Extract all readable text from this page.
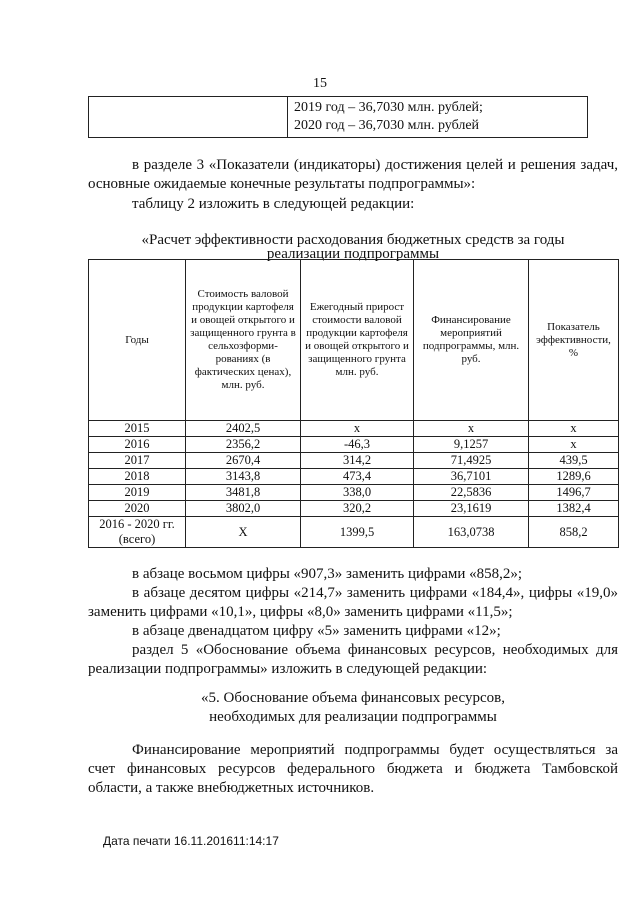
15

2019 год – 36,7030 млн. рублей;
2020 год – 36,7030 млн. рублей
в разделе 3 «Показатели (индикаторы) достижения целей и решения задач, основные ожидаемые конечные результаты подпрограммы»:
таблицу 2 изложить в следующей редакции:
«Расчет эффективности расходования бюджетных средств за годы
реализации подпрограммы
Годы	Стоимость валовой продукции картофеля и овощей открытого и защищенного грунта в сельхозформи-рованиях (в фактических ценах), млн. руб.	Ежегодный прирост стоимости валовой продукции картофеля и овощей открытого и защищенного грунта млн. руб.	Финансирование мероприятий подпрограммы, млн. руб.	Показатель эффективности, %
2015	2402,5	х	х	х
2016	2356,2	-46,3	9,1257	х
2017	2670,4	314,2	71,4925	439,5
2018	3143,8	473,4	36,7101	1289,6
2019	3481,8	338,0	22,5836	1496,7
2020	3802,0	320,2	23,1619	1382,4
2016 - 2020 гг. (всего)	Х	1399,5	163,0738	858,2
в абзаце восьмом цифры «907,3» заменить цифрами «858,2»;
в абзаце десятом цифры «214,7» заменить цифрами «184,4», цифры «19,0» заменить цифрами «10,1», цифры «8,0» заменить цифрами «11,5»;
в абзаце двенадцатом цифру «5» заменить цифрами «12»;
раздел 5 «Обоснование объема финансовых ресурсов, необходимых для реализации подпрограммы» изложить в следующей редакции:
«5. Обоснование объема финансовых ресурсов,
необходимых для реализации подпрограммы
Финансирование мероприятий подпрограммы будет осуществляться за счет финансовых ресурсов федерального бюджета и бюджета Тамбовской области, а также внебюджетных источников.
Дата печати 16.11.201611:14:17
